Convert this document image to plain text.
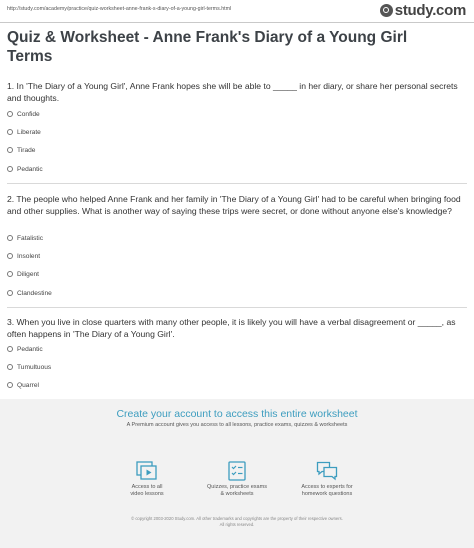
http://study.com/academy/practice/quiz-worksheet-anne-frank-s-diary-of-a-young-girl-terms.html	study.com
Quiz & Worksheet - Anne Frank's Diary of a Young Girl Terms

1. In 'The Diary of a Young Girl', Anne Frank hopes she will be able to _____ in her diary, or share her personal secrets and thoughts.

Confide
Liberate
Tirade
Pedantic

2. The people who helped Anne Frank and her family in 'The Diary of a Young Girl' had to be careful when bringing food and other supplies. What is another way of saying these trips were secret, or done without anyone else's knowledge?

Fatalistic
Insolent
Diligent
Clandestine

3. When you live in close quarters with many other people, it is likely you will have a verbal disagreement or _____, as often happens in 'The Diary of a Young Girl'.

Pedantic
Tumultuous
Quarrel
Create your account to access this entire worksheet
A Premium account gives you access to all lessons, practice exams, quizzes & worksheets
Access to all
video lessons
Quizzes, practice exams
& worksheets
Access to experts for
homework questions
© copyright 2003-2020 Study.com. All other trademarks and copyrights are the property of their respective owners.
All rights reserved.
